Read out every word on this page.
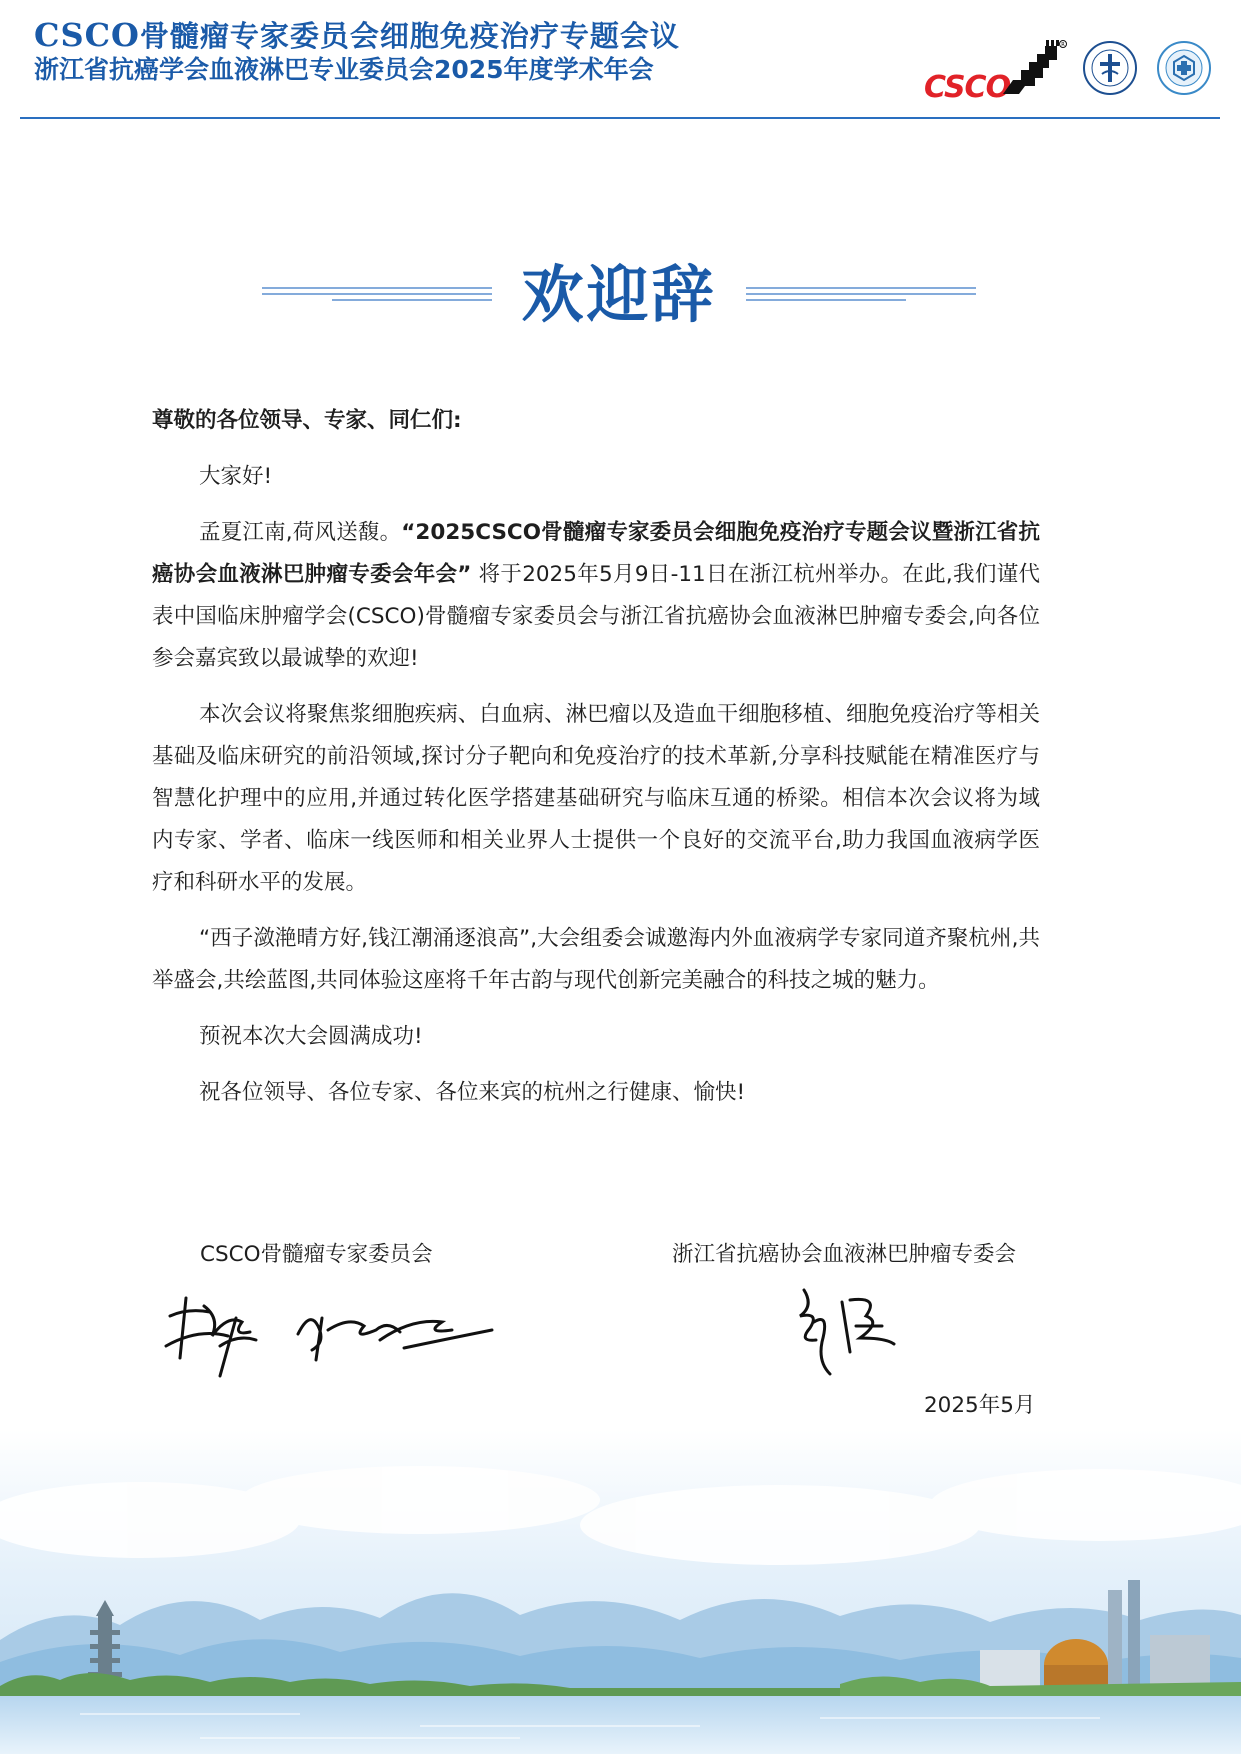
CSCO骨髓瘤专家委员会细胞免疫治疗专题会议
浙江省抗癌学会血液淋巴专业委员会2025年度学术年会
CSCO
R
欢迎辞

尊敬的各位领导、专家、同仁们:

大家好!

孟夏江南,荷风送馥。“2025CSCO骨髓瘤专家委员会细胞免疫治疗专题会议暨浙江省抗癌协会血液淋巴肿瘤专委会年会” 将于2025年5月9日-11日在浙江杭州举办。在此,我们谨代表中国临床肿瘤学会(CSCO)骨髓瘤专家委员会与浙江省抗癌协会血液淋巴肿瘤专委会,向各位参会嘉宾致以最诚挚的欢迎!

本次会议将聚焦浆细胞疾病、白血病、淋巴瘤以及造血干细胞移植、细胞免疫治疗等相关基础及临床研究的前沿领域,探讨分子靶向和免疫治疗的技术革新,分享科技赋能在精准医疗与智慧化护理中的应用,并通过转化医学搭建基础研究与临床互通的桥梁。相信本次会议将为域内专家、学者、临床一线医师和相关业界人士提供一个良好的交流平台,助力我国血液病学医疗和科研水平的发展。

“西子潋滟晴方好,钱江潮涌逐浪高”,大会组委会诚邀海内外血液病学专家同道齐聚杭州,共举盛会,共绘蓝图,共同体验这座将千年古韵与现代创新完美融合的科技之城的魅力。

预祝本次大会圆满成功!

祝各位领导、各位专家、各位来宾的杭州之行健康、愉快!

CSCO骨髓瘤专家委员会	浙江省抗癌协会血液淋巴肿瘤专委会
2025年5月
